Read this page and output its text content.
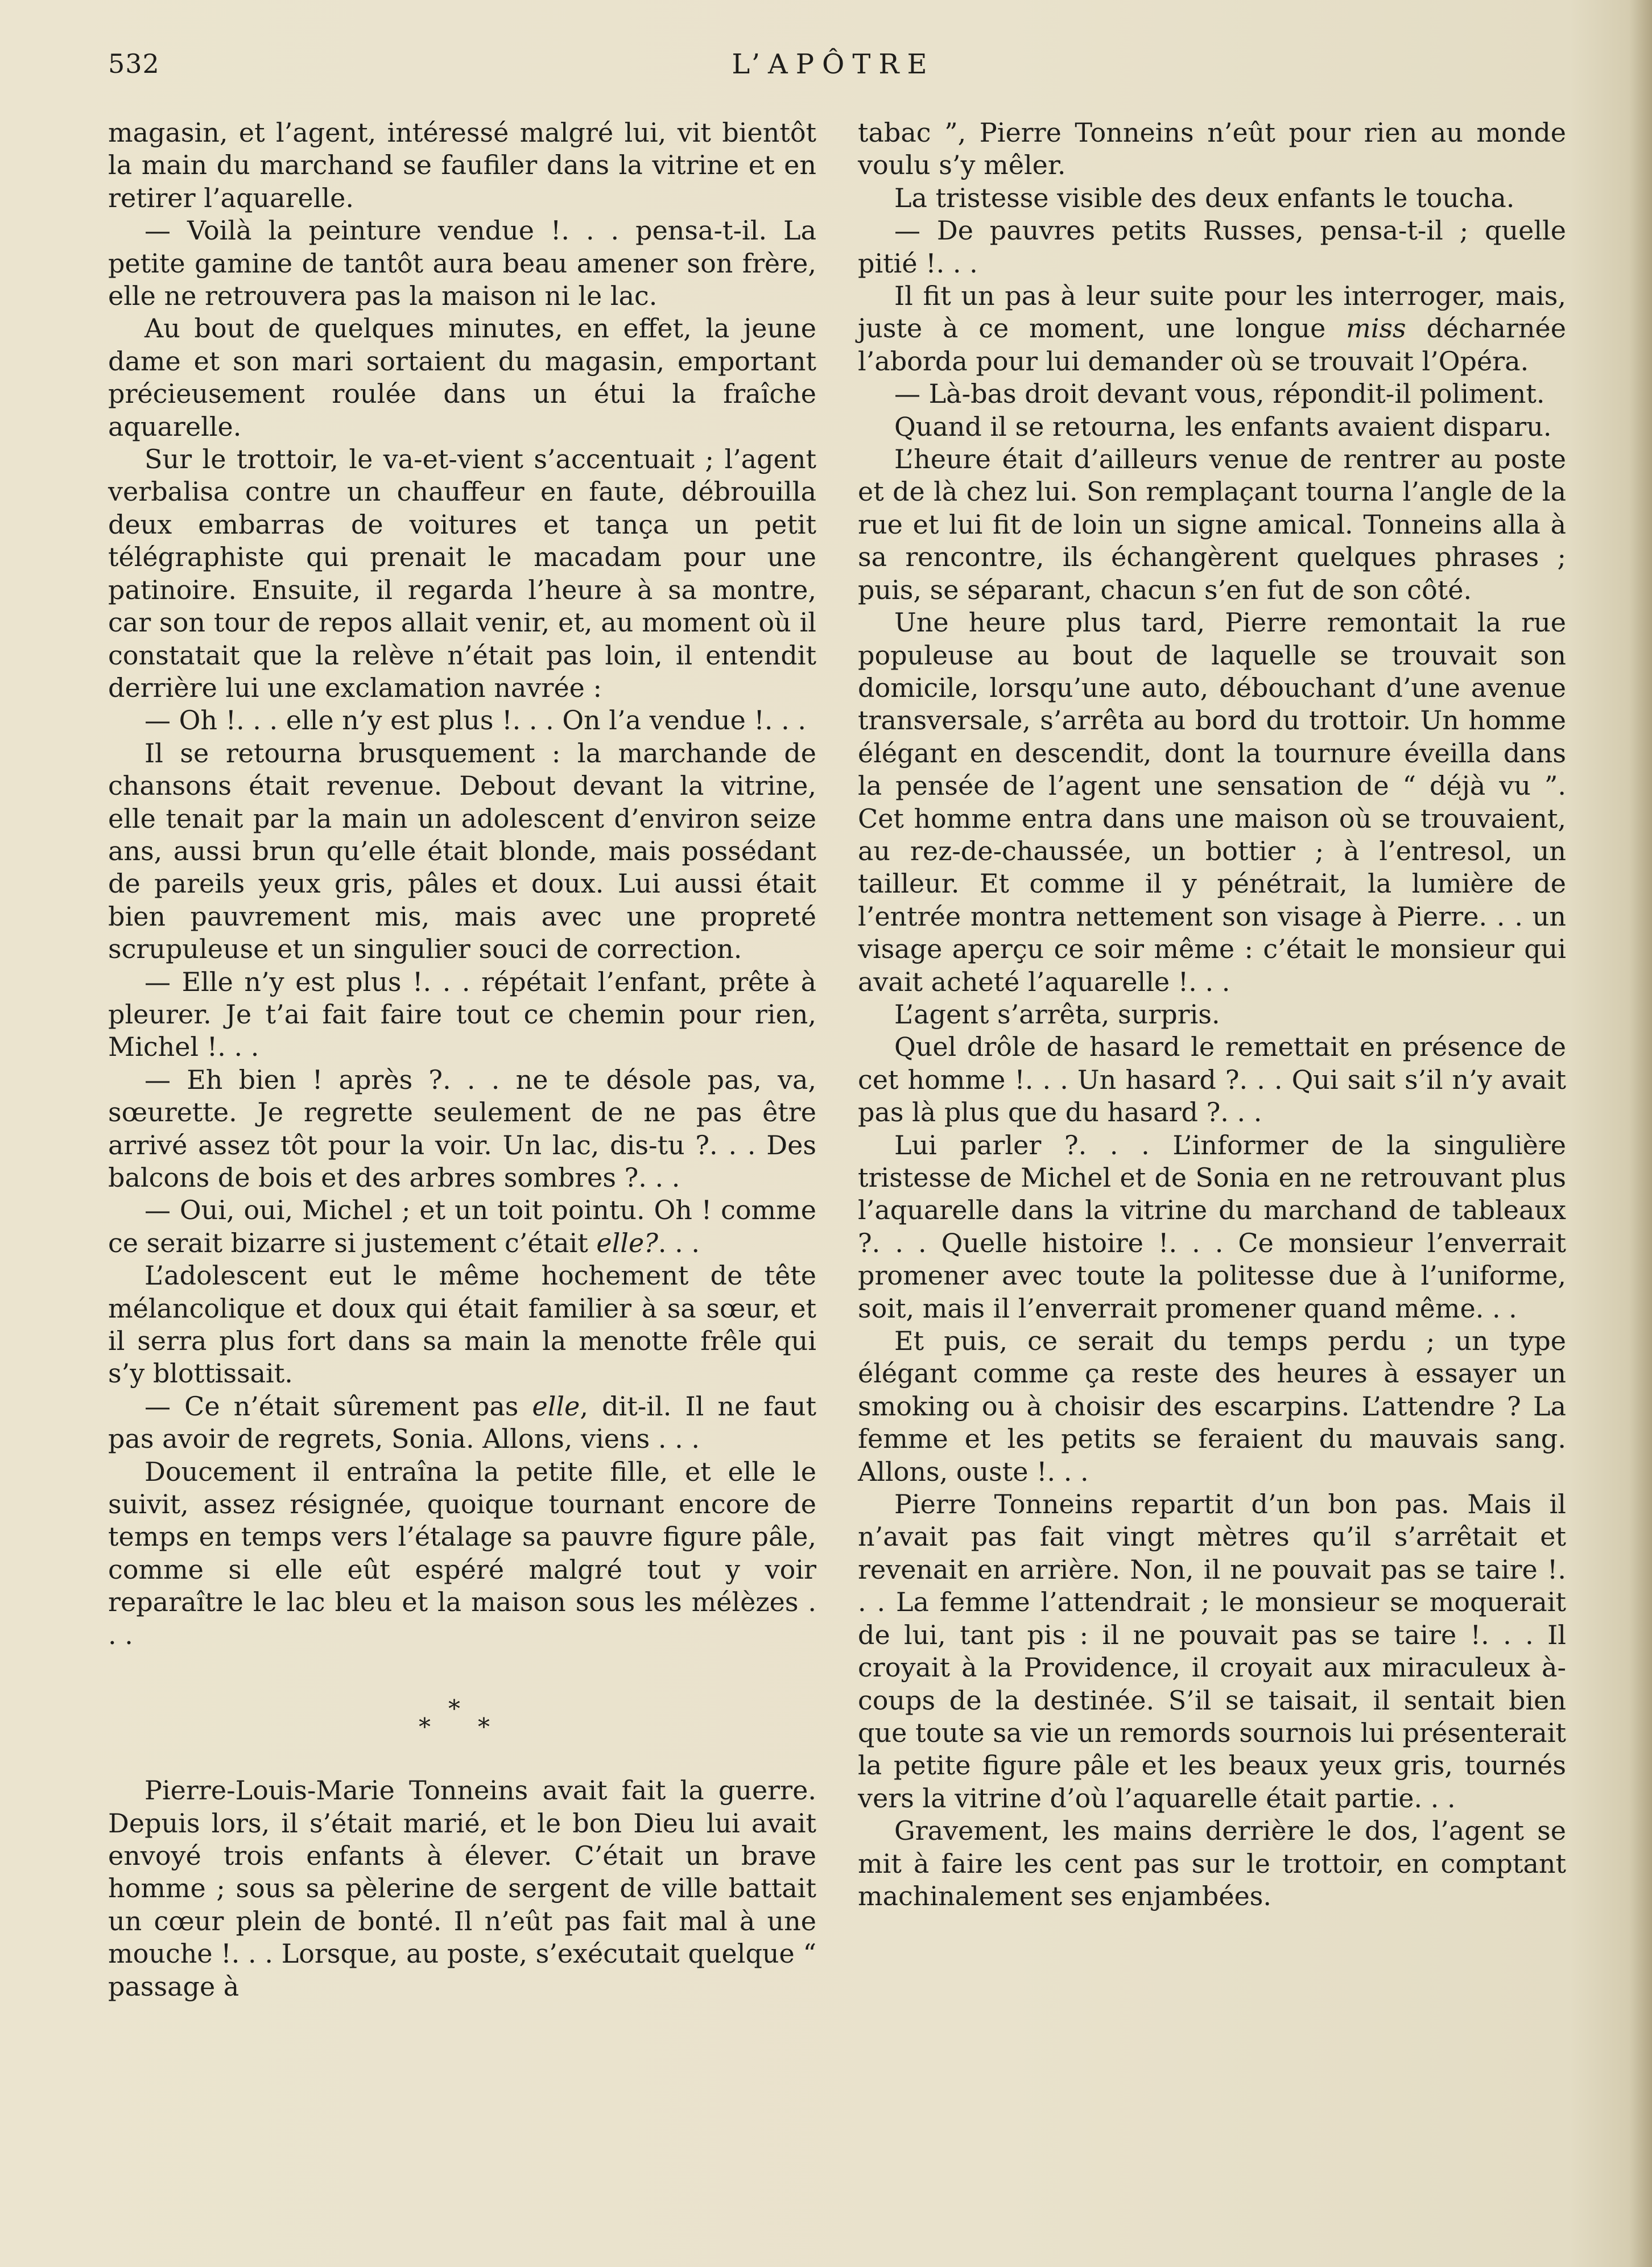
532	L’APÔTRE

magasin, et l’agent, intéressé malgré lui, vit bientôt la main du marchand se faufiler dans la vitrine et en retirer l’aquarelle.

— Voilà la peinture vendue !. . . pensa-t-il. La petite gamine de tantôt aura beau amener son frère, elle ne retrouvera pas la maison ni le lac.

Au bout de quelques minutes, en effet, la jeune dame et son mari sortaient du magasin, emportant précieusement roulée dans un étui la fraîche aquarelle.

Sur le trottoir, le va-et-vient s’accentuait ; l’agent verbalisa contre un chauffeur en faute, débrouilla deux embarras de voitures et tança un petit télégraphiste qui prenait le macadam pour une patinoire. Ensuite, il regarda l’heure à sa montre, car son tour de repos allait venir, et, au moment où il constatait que la relève n’était pas loin, il entendit derrière lui une exclamation navrée :

— Oh !. . . elle n’y est plus !. . . On l’a vendue !. . .

Il se retourna brusquement : la marchande de chansons était revenue. Debout devant la vitrine, elle tenait par la main un adolescent d’environ seize ans, aussi brun qu’elle était blonde, mais possédant de pareils yeux gris, pâles et doux. Lui aussi était bien pauvrement mis, mais avec une propreté scrupuleuse et un singulier souci de correction.

— Elle n’y est plus !. . . répétait l’enfant, prête à pleurer. Je t’ai fait faire tout ce chemin pour rien, Michel !. . .

— Eh bien ! après ?. . . ne te désole pas, va, sœurette. Je regrette seulement de ne pas être arrivé assez tôt pour la voir. Un lac, dis-tu ?. . . Des balcons de bois et des arbres sombres ?. . .

— Oui, oui, Michel ; et un toit pointu. Oh ! comme ce serait bizarre si justement c’était elle?. . .

L’adolescent eut le même hochement de tête mélancolique et doux qui était familier à sa sœur, et il serra plus fort dans sa main la menotte frêle qui s’y blottissait.

— Ce n’était sûrement pas elle, dit-il. Il ne faut pas avoir de regrets, Sonia. Allons, viens . . .

Doucement il entraîna la petite fille, et elle le suivit, assez résignée, quoique tournant encore de temps en temps vers l’étalage sa pauvre figure pâle, comme si elle eût espéré malgré tout y voir reparaître le lac bleu et la maison sous les mélèzes . . .

*
*
*

Pierre-Louis-Marie Tonneins avait fait la guerre. Depuis lors, il s’était marié, et le bon Dieu lui avait envoyé trois enfants à élever. C’était un brave homme ; sous sa pèlerine de sergent de ville battait un cœur plein de bonté. Il n’eût pas fait mal à une mouche !. . . Lorsque, au poste, s’exécutait quelque “ passage à

tabac ”, Pierre Tonneins n’eût pour rien au monde voulu s’y mêler.

La tristesse visible des deux enfants le toucha.

— De pauvres petits Russes, pensa-t-il ; quelle pitié !. . .

Il fit un pas à leur suite pour les interroger, mais, juste à ce moment, une longue miss décharnée l’aborda pour lui demander où se trouvait l’Opéra.

— Là-bas droit devant vous, répondit-il poliment.

Quand il se retourna, les enfants avaient disparu.

L’heure était d’ailleurs venue de rentrer au poste et de là chez lui. Son remplaçant tourna l’angle de la rue et lui fit de loin un signe amical. Tonneins alla à sa rencontre, ils échangèrent quelques phrases ; puis, se séparant, chacun s’en fut de son côté.

Une heure plus tard, Pierre remontait la rue populeuse au bout de laquelle se trouvait son domicile, lorsqu’une auto, débouchant d’une avenue transversale, s’arrêta au bord du trottoir. Un homme élégant en descendit, dont la tournure éveilla dans la pensée de l’agent une sensation de “ déjà vu ”. Cet homme entra dans une maison où se trouvaient, au rez-de-chaussée, un bottier ; à l’entresol, un tailleur. Et comme il y pénétrait, la lumière de l’entrée montra nettement son visage à Pierre. . . un visage aperçu ce soir même : c’était le monsieur qui avait acheté l’aquarelle !. . .

L’agent s’arrêta, surpris.

Quel drôle de hasard le remettait en présence de cet homme !. . . Un hasard ?. . . Qui sait s’il n’y avait pas là plus que du hasard ?. . .

Lui parler ?. . . L’informer de la singulière tristesse de Michel et de Sonia en ne retrouvant plus l’aquarelle dans la vitrine du marchand de tableaux ?. . . Quelle histoire !. . . Ce monsieur l’enverrait promener avec toute la politesse due à l’uniforme, soit, mais il l’enverrait promener quand même. . .

Et puis, ce serait du temps perdu ; un type élégant comme ça reste des heures à essayer un smoking ou à choisir des escarpins. L’attendre ? La femme et les petits se feraient du mauvais sang. Allons, ouste !. . .

Pierre Tonneins repartit d’un bon pas. Mais il n’avait pas fait vingt mètres qu’il s’arrêtait et revenait en arrière. Non, il ne pouvait pas se taire !. . . La femme l’attendrait ; le monsieur se moquerait de lui, tant pis : il ne pouvait pas se taire !. . . Il croyait à la Providence, il croyait aux miraculeux à-coups de la destinée. S’il se taisait, il sentait bien que toute sa vie un remords sournois lui présenterait la petite figure pâle et les beaux yeux gris, tournés vers la vitrine d’où l’aquarelle était partie. . .

Gravement, les mains derrière le dos, l’agent se mit à faire les cent pas sur le trottoir, en comptant machinalement ses enjambées.
